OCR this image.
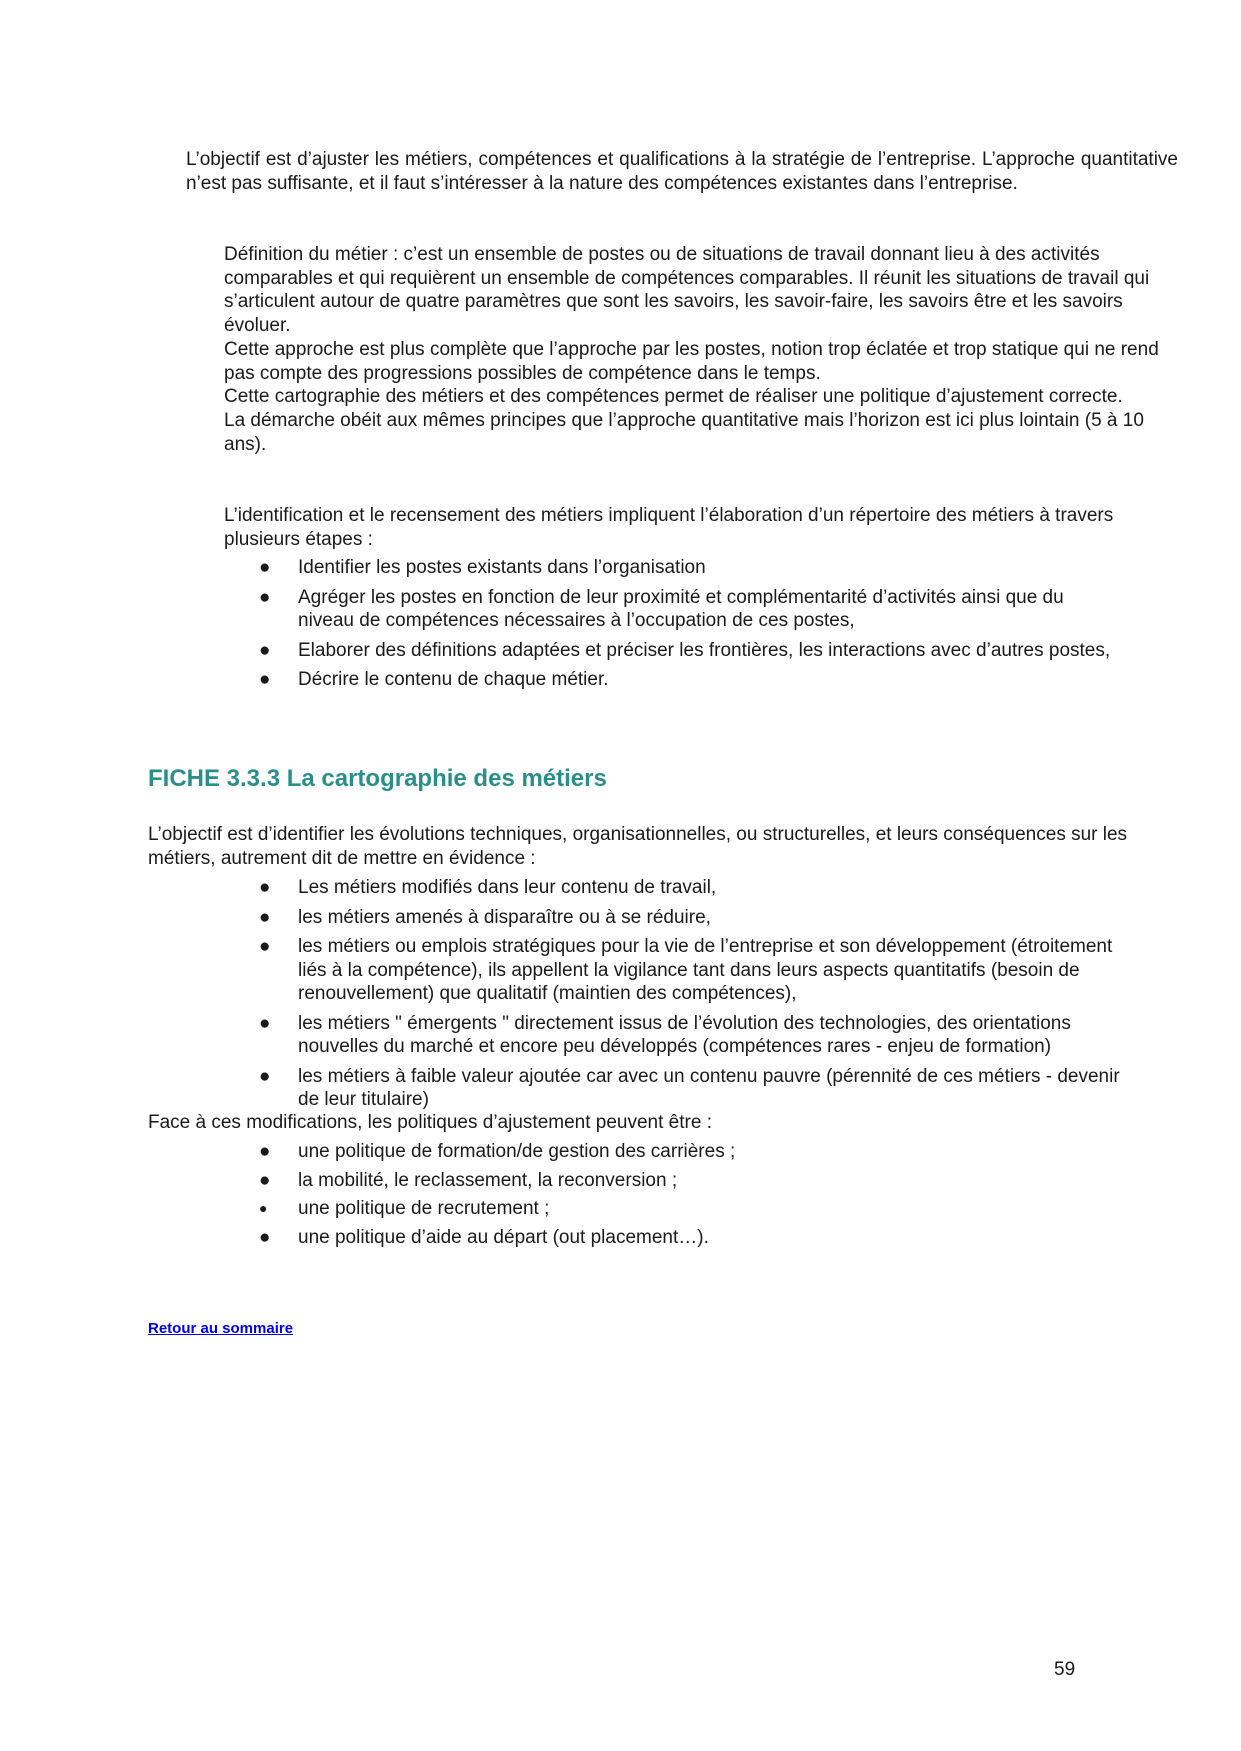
L’objectif est d’ajuster les métiers, compétences et qualifications à la stratégie de l’entreprise. L’approche quantitative n’est pas suffisante, et il faut s’intéresser à la nature des compétences existantes dans l’entreprise.

Définition du métier : c’est un ensemble de postes ou de situations de travail donnant lieu à des activités comparables et qui requièrent un ensemble de compétences comparables. Il réunit les situations de travail qui s’articulent autour de quatre paramètres que sont les savoirs, les savoir-faire, les savoirs être et les savoirs évoluer.

Cette approche est plus complète que l’approche par les postes, notion trop éclatée et trop statique qui ne rend pas compte des progressions possibles de compétence dans le temps.

Cette cartographie des métiers et des compétences permet de réaliser une politique d’ajustement correcte.

La démarche obéit aux mêmes principes que l’approche quantitative mais l’horizon est ici plus lointain (5 à 10 ans).

L’identification et le recensement des métiers impliquent l’élaboration d’un répertoire des métiers à travers plusieurs étapes :

● Identifier les postes existants dans l’organisation
● Agréger les postes en fonction de leur proximité et complémentarité d’activités ainsi que du niveau de compétences nécessaires à l’occupation de ces postes,
● Elaborer des définitions adaptées et préciser les frontières, les interactions avec d’autres postes,
● Décrire le contenu de chaque métier.
FICHE 3.3.3 La cartographie des métiers

L’objectif est d’identifier les évolutions techniques, organisationnelles, ou structurelles, et leurs conséquences sur les métiers, autrement dit de mettre en évidence :

● Les métiers modifiés dans leur contenu de travail,
● les métiers amenés à disparaître ou à se réduire,
● les métiers ou emplois stratégiques pour la vie de l’entreprise et son développement (étroitement liés à la compétence), ils appellent la vigilance tant dans leurs aspects quantitatifs (besoin de renouvellement) que qualitatif (maintien des compétences),
● les métiers " émergents " directement issus de l’évolution des technologies, des orientations nouvelles du marché et encore peu développés (compétences rares - enjeu de formation)
● les métiers à faible valeur ajoutée car avec un contenu pauvre (pérennité de ces métiers - devenir de leur titulaire)

Face à ces modifications, les politiques d’ajustement peuvent être :

● une politique de formation/de gestion des carrières ;
● la mobilité, le reclassement, la reconversion ;
● une politique de recrutement ;
● une politique d’aide au départ (out placement…).
Retour au sommaire
59
